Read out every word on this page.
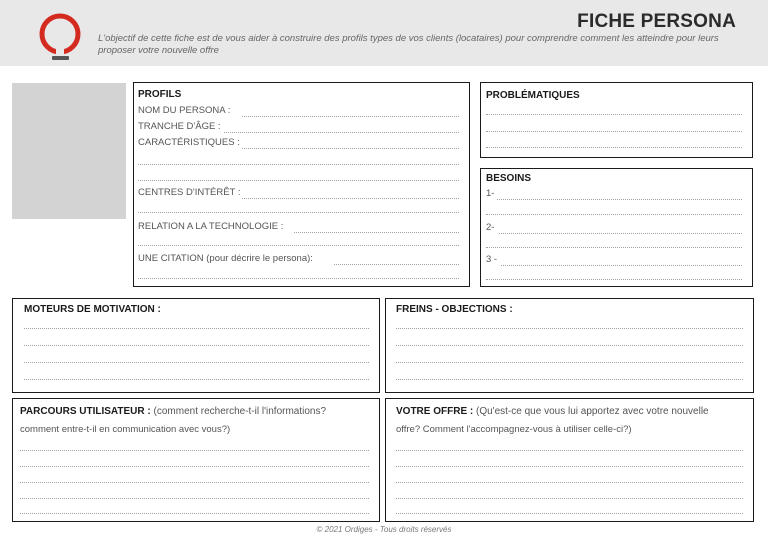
FICHE PERSONA
L'objectif de cette fiche est de vous aider à construire des profils types de vos clients (locataires) pour comprendre comment les atteindre pour leurs proposer votre nouvelle offre
PROFILS
NOM DU PERSONA :
TRANCHE D'ÂGE :
CARACTÉRISTIQUES :
CENTRES D'INTÉRÊT :
RELATION A LA TECHNOLOGIE :
UNE CITATION (pour décrire le persona):
PROBLÉMATIQUES
BESOINS
1-
2-
3 -
MOTEURS DE MOTIVATION :	FREINS - OBJECTIONS :
PARCOURS UTILISATEUR : (comment recherche-t-il l'informations?
comment entre-t-il en communication avec vous?)
VOTRE OFFRE : (Qu'est-ce que vous lui apportez avec votre nouvelle
offre? Comment l'accompagnez-vous à utiliser celle-ci?)
© 2021 Ordiges - Tous droits réservés
